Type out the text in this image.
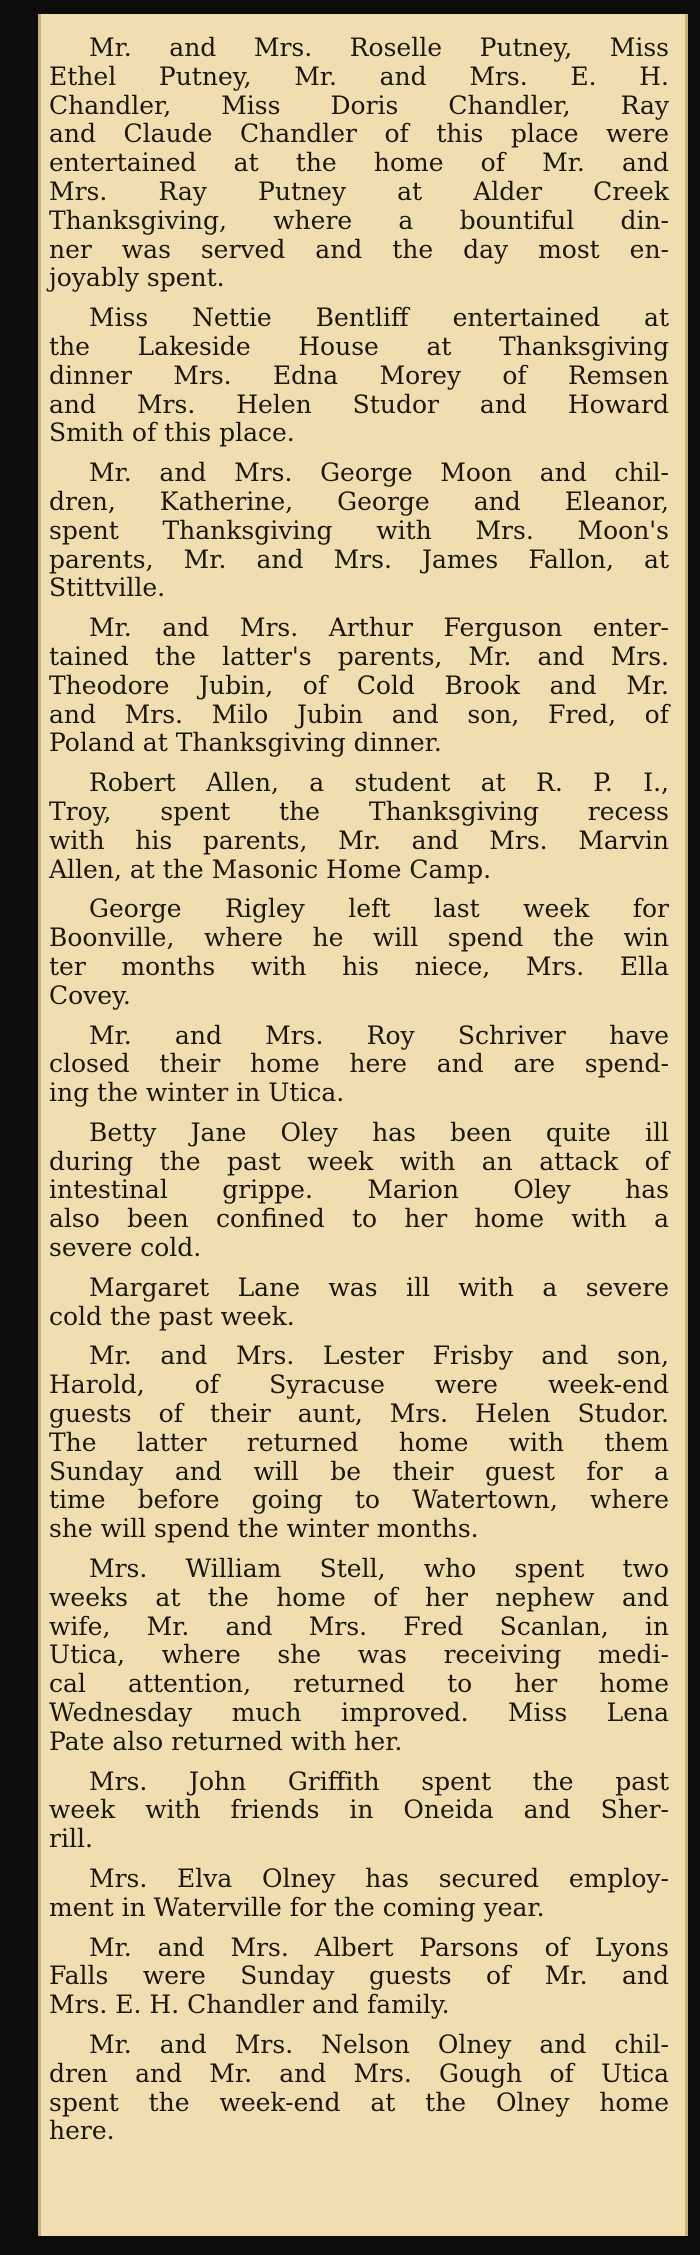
Mr. and Mrs. Roselle Putney, Miss
Ethel Putney, Mr. and Mrs. E. H.
Chandler, Miss Doris Chandler, Ray
and Claude Chandler of this place were
entertained at the home of Mr. and
Mrs. Ray Putney at Alder Creek
Thanksgiving, where a bountiful din-
ner was served and the day most en-
joyably spent.
Miss Nettie Bentliff entertained at
the Lakeside House at Thanksgiving
dinner Mrs. Edna Morey of Remsen
and Mrs. Helen Studor and Howard
Smith of this place.
Mr. and Mrs. George Moon and chil-
dren, Katherine, George and Eleanor,
spent Thanksgiving with Mrs. Moon's
parents, Mr. and Mrs. James Fallon, at
Stittville.
Mr. and Mrs. Arthur Ferguson enter-
tained the latter's parents, Mr. and Mrs.
Theodore Jubin, of Cold Brook and Mr.
and Mrs. Milo Jubin and son, Fred, of
Poland at Thanksgiving dinner.
Robert Allen, a student at R. P. I.,
Troy, spent the Thanksgiving recess
with his parents, Mr. and Mrs. Marvin
Allen, at the Masonic Home Camp.
George Rigley left last week for
Boonville, where he will spend the win
ter months with his niece, Mrs. Ella
Covey.
Mr. and Mrs. Roy Schriver have
closed their home here and are spend-
ing the winter in Utica.
Betty Jane Oley has been quite ill
during the past week with an attack of
intestinal grippe. Marion Oley has
also been confined to her home with a
severe cold.
Margaret Lane was ill with a severe
cold the past week.
Mr. and Mrs. Lester Frisby and son,
Harold, of Syracuse were week-end
guests of their aunt, Mrs. Helen Studor.
The latter returned home with them
Sunday and will be their guest for a
time before going to Watertown, where
she will spend the winter months.
Mrs. William Stell, who spent two
weeks at the home of her nephew and
wife, Mr. and Mrs. Fred Scanlan, in
Utica, where she was receiving medi-
cal attention, returned to her home
Wednesday much improved. Miss Lena
Pate also returned with her.
Mrs. John Griffith spent the past
week with friends in Oneida and Sher-
rill.
Mrs. Elva Olney has secured employ-
ment in Waterville for the coming year.
Mr. and Mrs. Albert Parsons of Lyons
Falls were Sunday guests of Mr. and
Mrs. E. H. Chandler and family.
Mr. and Mrs. Nelson Olney and chil-
dren and Mr. and Mrs. Gough of Utica
spent the week-end at the Olney home
here.
